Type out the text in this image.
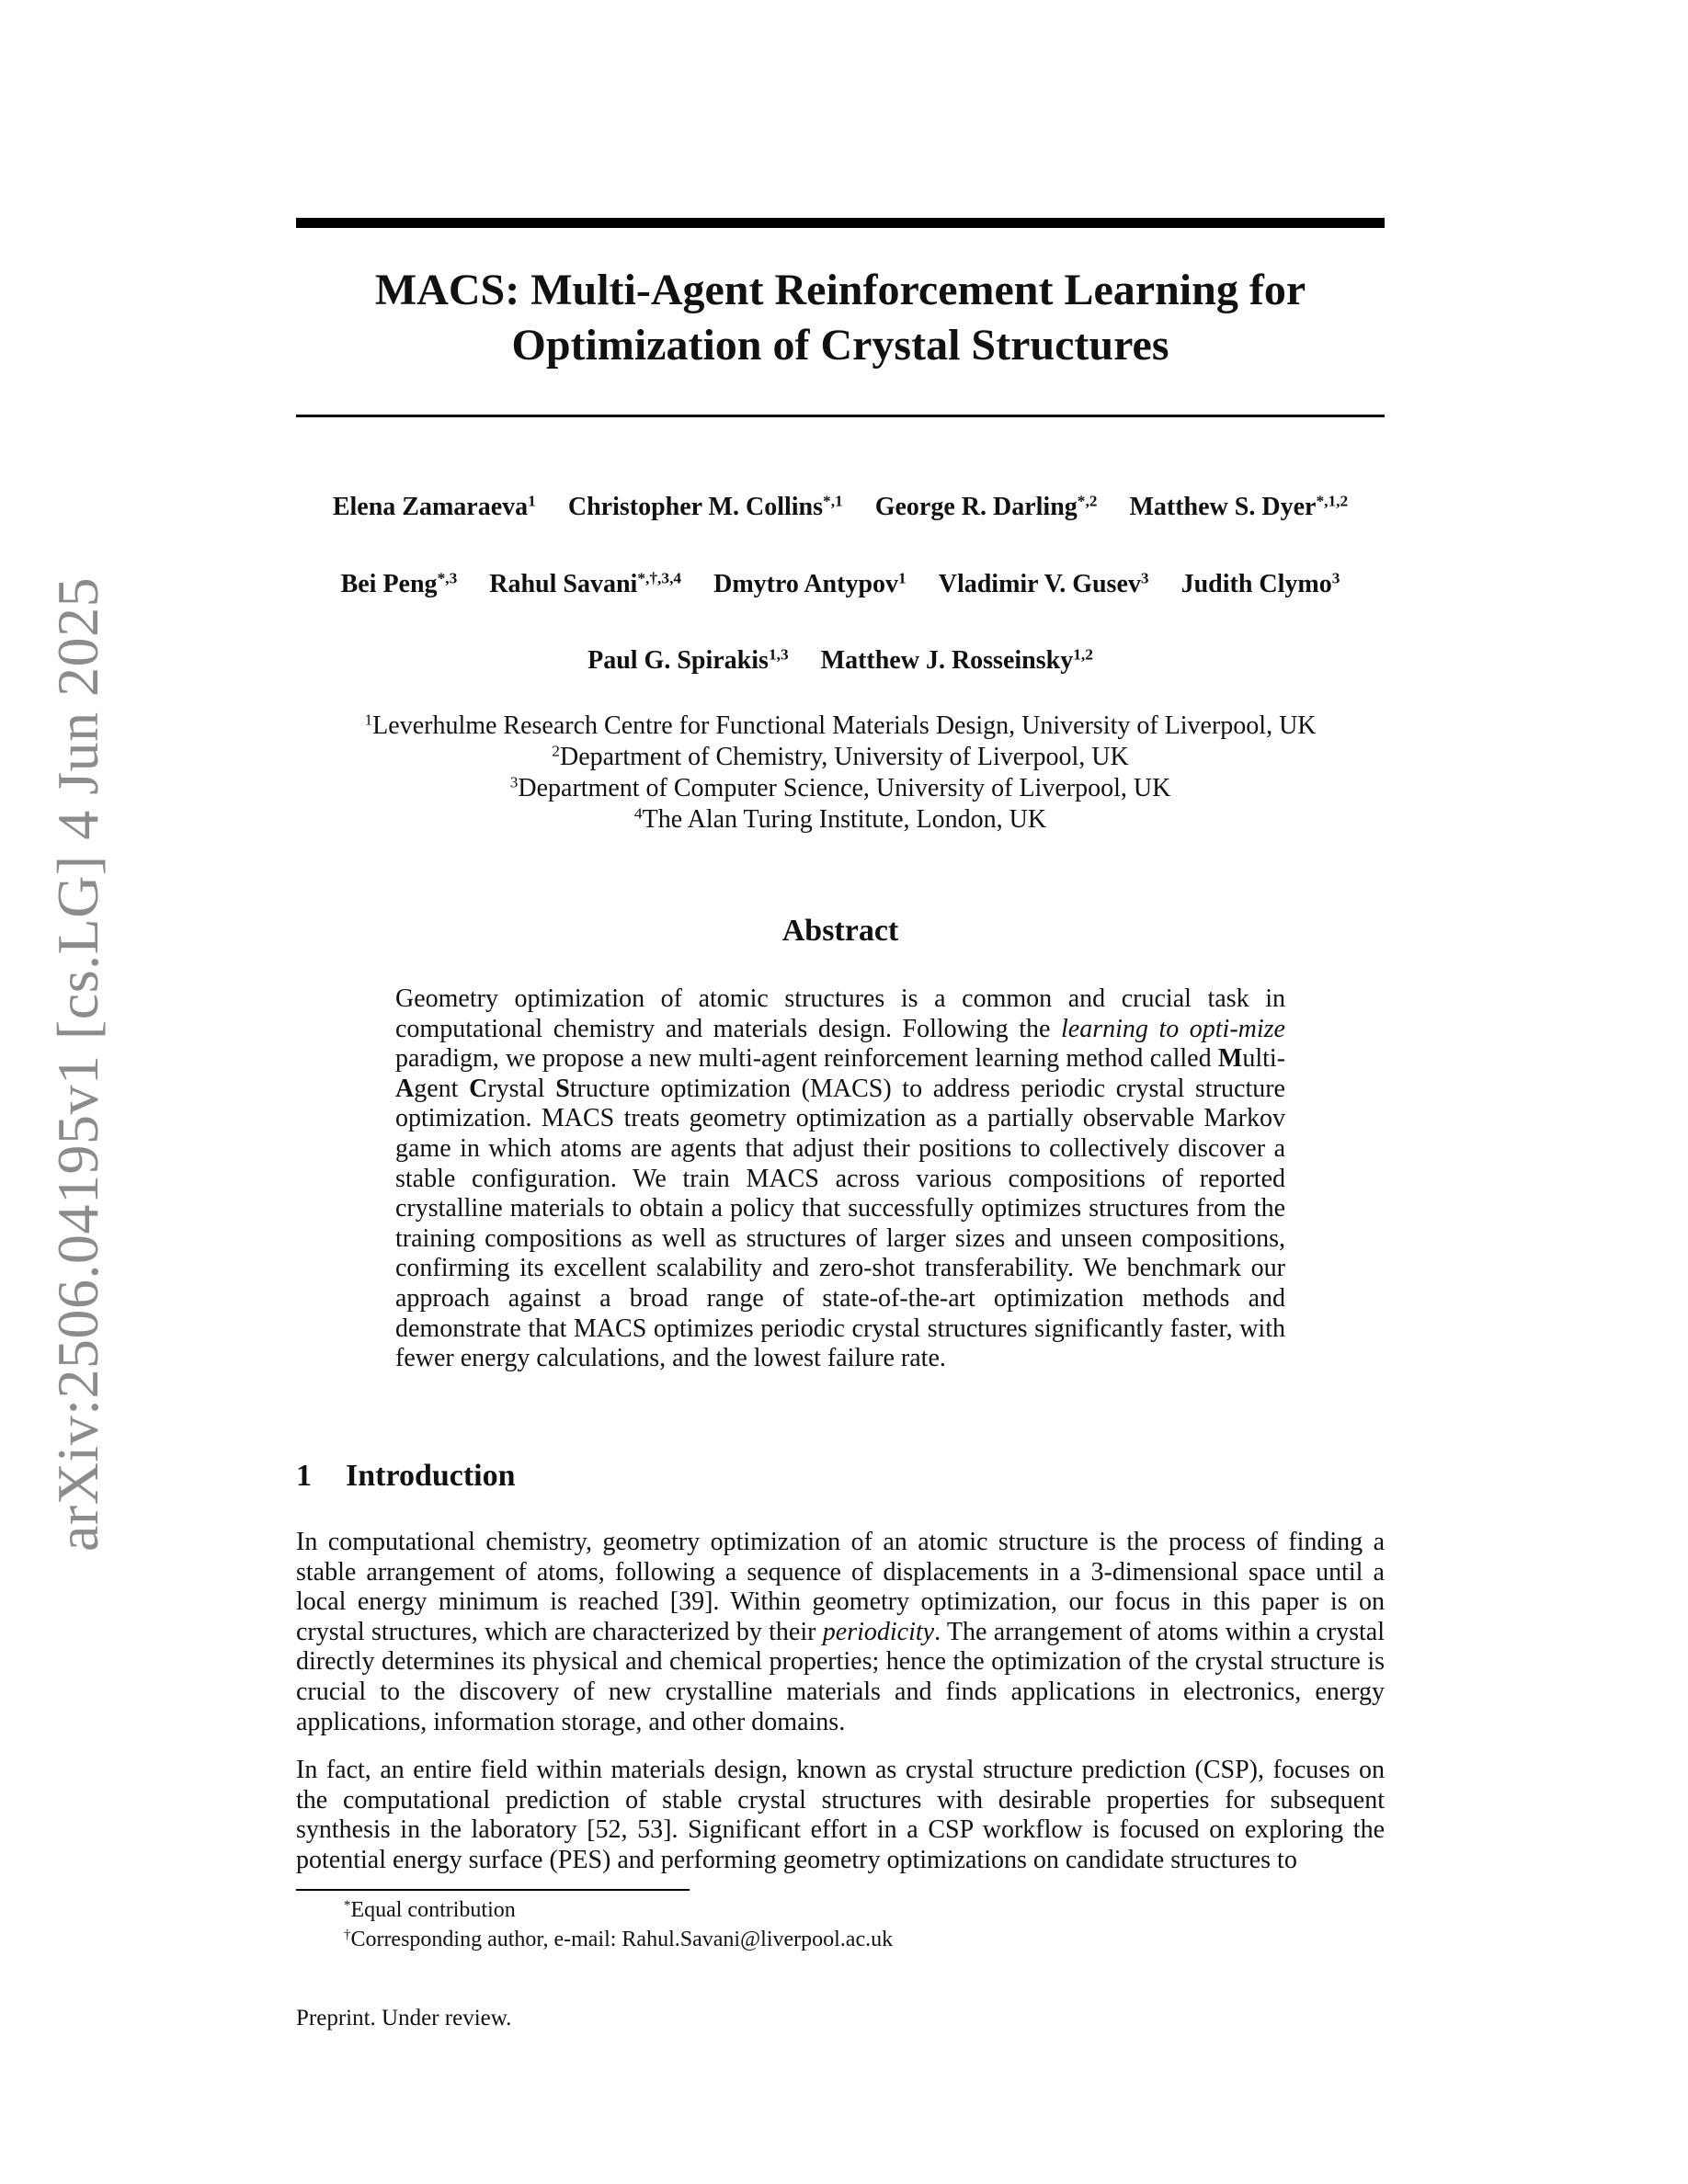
arXiv:2506.04195v1 [cs.LG] 4 Jun 2025
MACS: Multi-Agent Reinforcement Learning for
Optimization of Crystal Structures
Elena Zamaraeva$^1$ Christopher M. Collins$^{*,1}$ George R. Darling$^{*,2}$ Matthew S. Dyer$^{*,1,2}$
Bei Peng$^{*,3}$ Rahul Savani$^{*,\dagger,3,4}$ Dmytro Antypov$^1$ Vladimir V. Gusev$^3$ Judith Clymo$^3$
Paul G. Spirakis$^{1,3}$ Matthew J. Rosseinsky$^{1,2}$
$^1$Leverhulme Research Centre for Functional Materials Design, University of Liverpool, UK
$^2$Department of Chemistry, University of Liverpool, UK
$^3$Department of Computer Science, University of Liverpool, UK
$^4$The Alan Turing Institute, London, UK
Abstract
Geometry optimization of atomic structures is a common and crucial task in computational chemistry and materials design. Following the learning to opti-mize paradigm, we propose a new multi-agent reinforcement learning method called Multi-Agent Crystal Structure optimization (MACS) to address periodic crystal structure optimization. MACS treats geometry optimization as a partially observable Markov game in which atoms are agents that adjust their positions to collectively discover a stable configuration. We train MACS across various compositions of reported crystalline materials to obtain a policy that successfully optimizes structures from the training compositions as well as structures of larger sizes and unseen compositions, confirming its excellent scalability and zero-shot transferability. We benchmark our approach against a broad range of state-of-the-art optimization methods and demonstrate that MACS optimizes periodic crystal structures significantly faster, with fewer energy calculations, and the lowest failure rate.
1 Introduction
In computational chemistry, geometry optimization of an atomic structure is the process of finding a stable arrangement of atoms, following a sequence of displacements in a 3-dimensional space until a local energy minimum is reached [39]. Within geometry optimization, our focus in this paper is on crystal structures, which are characterized by their periodicity. The arrangement of atoms within a crystal directly determines its physical and chemical properties; hence the optimization of the crystal structure is crucial to the discovery of new crystalline materials and finds applications in electronics, energy applications, information storage, and other domains.
In fact, an entire field within materials design, known as crystal structure prediction (CSP), focuses on the computational prediction of stable crystal structures with desirable properties for subsequent synthesis in the laboratory [52, 53]. Significant effort in a CSP workflow is focused on exploring the potential energy surface (PES) and performing geometry optimizations on candidate structures to
*Equal contribution
†Corresponding author, e-mail: Rahul.Savani@liverpool.ac.uk
Preprint. Under review.
